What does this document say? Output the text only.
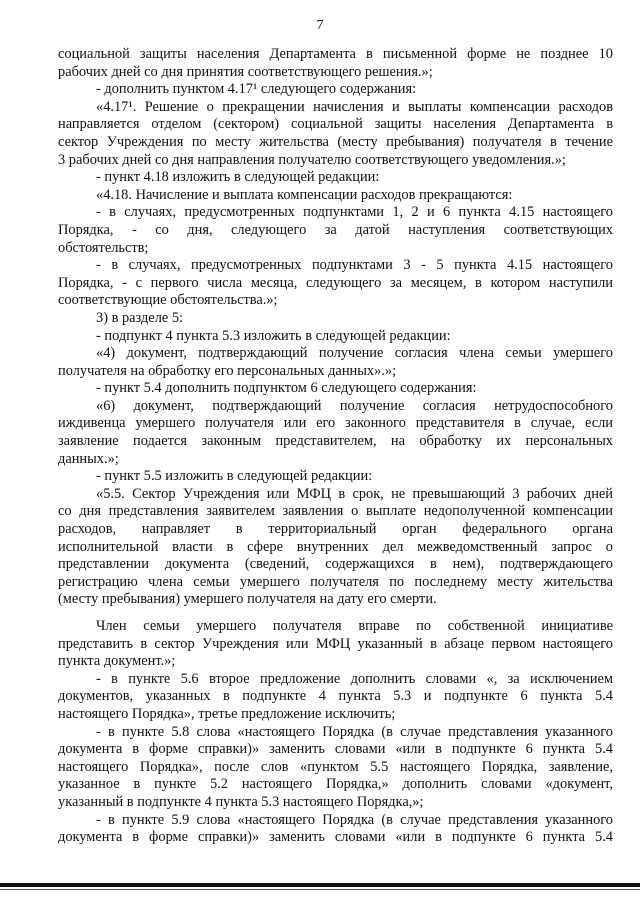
7
социальной защиты населения Департамента в письменной форме не позднее 10
рабочих дней со дня принятия соответствующего решения.»;
- дополнить пунктом 4.17¹ следующего содержания:
«4.17¹. Решение о прекращении начисления и выплаты компенсации расходов
направляется отделом (сектором) социальной защиты населения Департамента в
сектор Учреждения по месту жительства (месту пребывания) получателя в течение
3 рабочих дней со дня направления получателю соответствующего уведомления.»;
- пункт 4.18 изложить в следующей редакции:
«4.18. Начисление и выплата компенсации расходов прекращаются:
- в случаях, предусмотренных подпунктами 1, 2 и 6 пункта 4.15 настоящего
Порядка, - со дня, следующего за датой наступления соответствующих
обстоятельств;
- в случаях, предусмотренных подпунктами 3 - 5 пункта 4.15 настоящего
Порядка, - с первого числа месяца, следующего за месяцем, в котором наступили
соответствующие обстоятельства.»;
3) в разделе 5:
- подпункт 4 пункта 5.3 изложить в следующей редакции:
«4) документ, подтверждающий получение согласия члена семьи умершего
получателя на обработку его персональных данных».»;
- пункт 5.4 дополнить подпунктом 6 следующего содержания:
«6) документ, подтверждающий получение согласия нетрудоспособного
иждивенца умершего получателя или его законного представителя в случае, если
заявление подается законным представителем, на обработку их персональных
данных.»;
- пункт 5.5 изложить в следующей редакции:
«5.5. Сектор Учреждения или МФЦ в срок, не превышающий 3 рабочих дней
со дня представления заявителем заявления о выплате недополученной компенсации
расходов, направляет в территориальный орган федерального органа
исполнительной власти в сфере внутренних дел межведомственный запрос о
представлении документа (сведений, содержащихся в нем), подтверждающего
регистрацию члена семьи умершего получателя по последнему месту жительства
(месту пребывания) умершего получателя на дату его смерти.
Член семьи умершего получателя вправе по собственной инициативе
представить в сектор Учреждения или МФЦ указанный в абзаце первом настоящего
пункта документ.»;
- в пункте 5.6 второе предложение дополнить словами «, за исключением
документов, указанных в подпункте 4 пункта 5.3 и подпункте 6 пункта 5.4
настоящего Порядка», третье предложение исключить;
- в пункте 5.8 слова «настоящего Порядка (в случае представления указанного
документа в форме справки)» заменить словами «или в подпункте 6 пункта 5.4
настоящего Порядка», после слов «пунктом 5.5 настоящего Порядка, заявление,
указанное в пункте 5.2 настоящего Порядка,» дополнить словами «документ,
указанный в подпункте 4 пункта 5.3 настоящего Порядка,»;
- в пункте 5.9 слова «настоящего Порядка (в случае представления указанного
документа в форме справки)» заменить словами «или в подпункте 6 пункта 5.4
